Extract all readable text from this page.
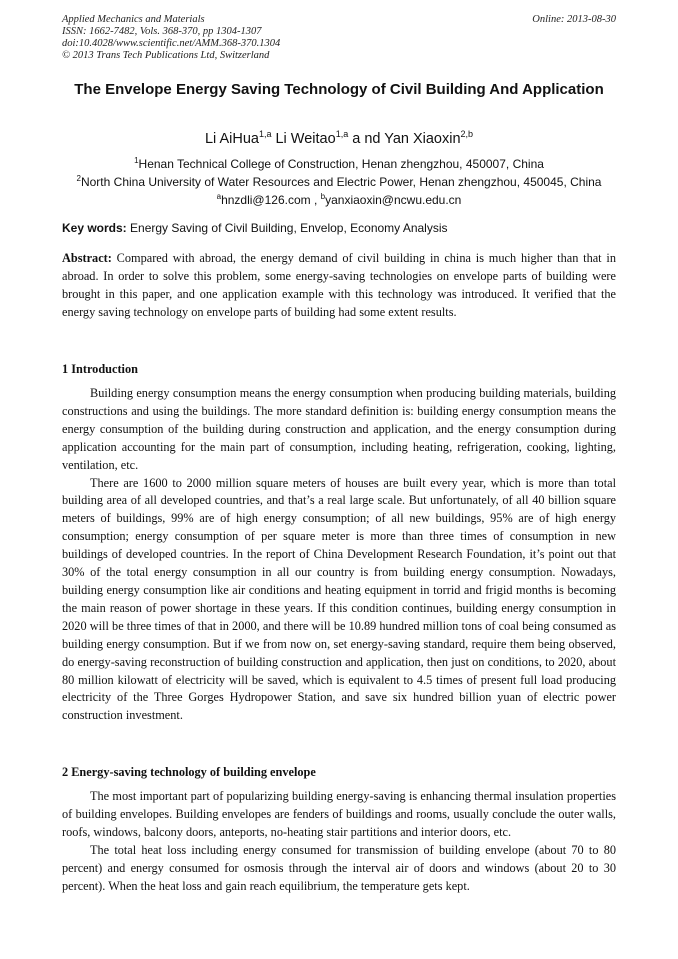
Applied Mechanics and Materials
ISSN: 1662-7482, Vols. 368-370, pp 1304-1307
doi:10.4028/www.scientific.net/AMM.368-370.1304
© 2013 Trans Tech Publications Ltd, Switzerland
Online: 2013-08-30
The Envelope Energy Saving Technology of Civil Building And Application
Li AiHua$^{1,a}$ Li Weitao$^{1,a}$ a nd Yan Xiaoxin$^{2,b}$
$^1$Henan Technical College of Construction, Henan zhengzhou, 450007, China
$^2$North China University of Water Resources and Electric Power, Henan zhengzhou, 450045, China
$^a$hnzdli@126.com , $^b$yanxiaoxin@ncwu.edu.cn
Key words: Energy Saving of Civil Building, Envelop, Economy Analysis

Abstract: Compared with abroad, the energy demand of civil building in china is much higher than that in abroad. In order to solve this problem, some energy-saving technologies on envelope parts of building were brought in this paper, and one application example with this technology was introduced. It verified that the energy saving technology on envelope parts of building had some extent results.

1 Introduction

Building energy consumption means the energy consumption when producing building materials, building constructions and using the buildings. The more standard definition is: building energy consumption means the energy consumption of the building during construction and application, and the energy consumption during application accounting for the main part of consumption, including heating, refrigeration, cooking, lighting, ventilation, etc.

There are 1600 to 2000 million square meters of houses are built every year, which is more than total building area of all developed countries, and that’s a real large scale. But unfortunately, of all 40 billion square meters of buildings, 99% are of high energy consumption; of all new buildings, 95% are of high energy consumption; energy consumption of per square meter is more than three times of consumption in new buildings of developed countries. In the report of China Development Research Foundation, it’s point out that 30% of the total energy consumption in all our country is from building energy consumption. Nowadays, building energy consumption like air conditions and heating equipment in torrid and frigid months is becoming the main reason of power shortage in these years. If this condition continues, building energy consumption in 2020 will be three times of that in 2000, and there will be 10.89 hundred million tons of coal being consumed as building energy consumption. But if we from now on, set energy-saving standard, require them being observed, do energy-saving reconstruction of building construction and application, then just on conditions, to 2020, about 80 million kilowatt of electricity will be saved, which is equivalent to 4.5 times of present full load producing electricity of the Three Gorges Hydropower Station, and save six hundred billion yuan of electric power construction investment.

2 Energy-saving technology of building envelope

The most important part of popularizing building energy-saving is enhancing thermal insulation properties of building envelopes. Building envelopes are fenders of buildings and rooms, usually conclude the outer walls, roofs, windows, balcony doors, anteports, no-heating stair partitions and interior doors, etc.

The total heat loss including energy consumed for transmission of building envelope (about 70 to 80 percent) and energy consumed for osmosis through the interval air of doors and windows (about 20 to 30 percent). When the heat loss and gain reach equilibrium, the temperature gets kept.
